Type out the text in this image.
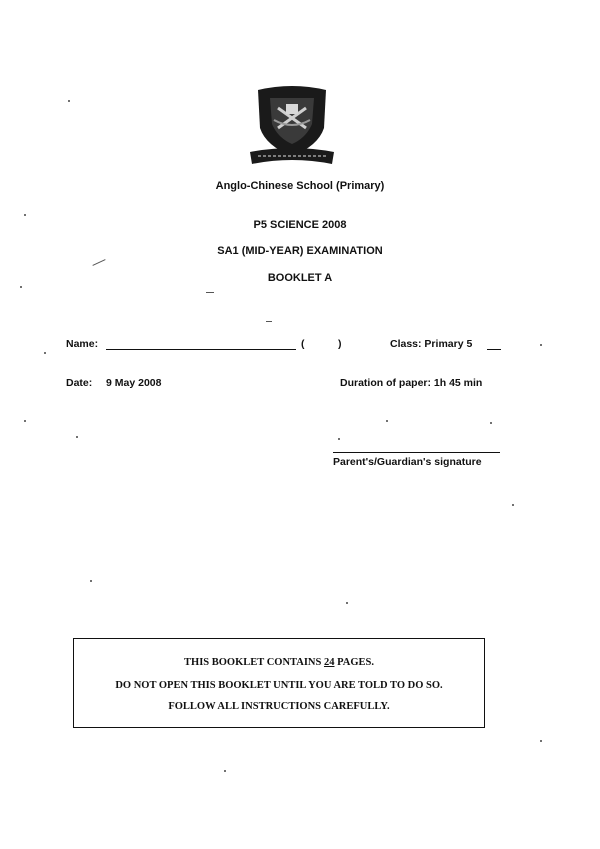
Anglo-Chinese School (Primary)
P5 SCIENCE 2008
SA1 (MID-YEAR) EXAMINATION
BOOKLET A
Name:	(	)	Class: Primary 5
Date: 9 May 2008	Duration of paper: 1h 45 min
Parent's/Guardian's signature
THIS BOOKLET CONTAINS 24 PAGES.
DO NOT OPEN THIS BOOKLET UNTIL YOU ARE TOLD TO DO SO.
FOLLOW ALL INSTRUCTIONS CAREFULLY.
